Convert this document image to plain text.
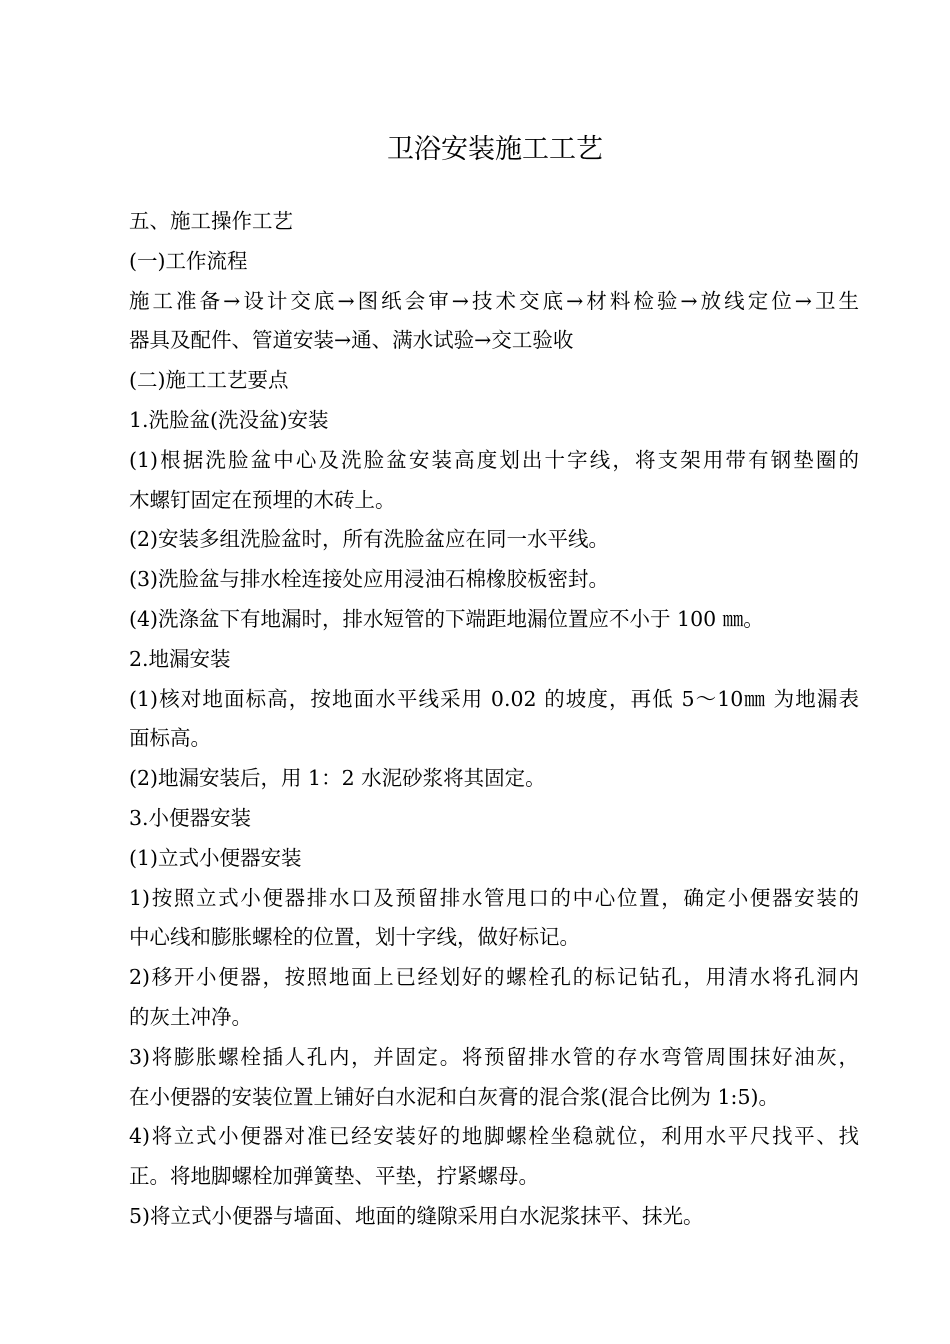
卫浴安装施工工艺
五、施工操作工艺
(一)工作流程
施工准备→设计交底→图纸会审→技术交底→材料检验→放线定位→卫生
器具及配件、管道安装→通、满水试验→交工验收
(二)施工工艺要点
1.洗脸盆(洗没盆)安装
(1)根据洗脸盆中心及洗脸盆安装高度划出十字线，将支架用带有钢垫圈的
木螺钉固定在预埋的木砖上。
(2)安装多组洗脸盆时，所有洗脸盆应在同一水平线。
(3)洗脸盆与排水栓连接处应用浸油石棉橡胶板密封。
(4)洗涤盆下有地漏时，排水短管的下端距地漏位置应不小于 100 ㎜。
2.地漏安装
(1)核对地面标高，按地面水平线采用 0.02 的坡度，再低 5～10㎜ 为地漏表
面标高。
(2)地漏安装后，用 1：2 水泥砂浆将其固定。
3.小便器安装
(1)立式小便器安装
1)按照立式小便器排水口及预留排水管甩口的中心位置，确定小便器安装的
中心线和膨胀螺栓的位置，划十字线，做好标记。
2)移开小便器，按照地面上已经划好的螺栓孔的标记钻孔，用清水将孔洞内
的灰土冲净。
3)将膨胀螺栓插人孔内，并固定。将预留排水管的存水弯管周围抹好油灰，
在小便器的安装位置上铺好白水泥和白灰膏的混合浆(混合比例为 1:5)。
4)将立式小便器对准已经安装好的地脚螺栓坐稳就位，利用水平尺找平、找
正。将地脚螺栓加弹簧垫、平垫，拧紧螺母。
5)将立式小便器与墙面、地面的缝隙采用白水泥浆抹平、抹光。
